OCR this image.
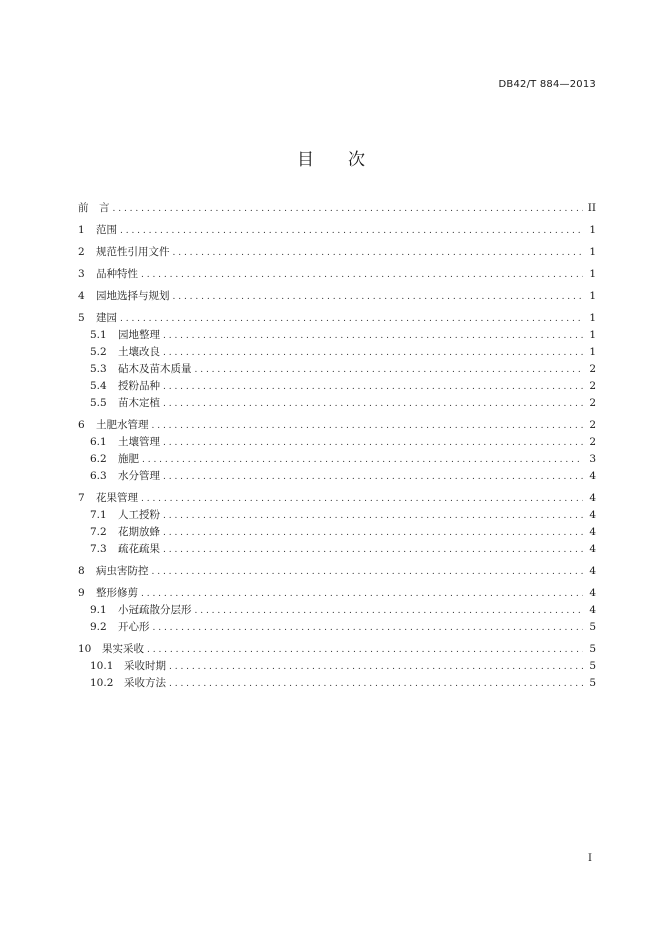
DB42/T 884—2013
目　　次
前　言 . . .	II
1	范围 . . .	1
2	规范性引用文件 . . .	1
3	品种特性 . . .	1
4	园地选择与规划 . . .	1
5	建园 . . .	1
5.1	园地整理 . . .	1
5.2	土壤改良 . . .	1
5.3	砧木及苗木质量 . . .	2
5.4	授粉品种 . . .	2
5.5	苗木定植 . . .	2
6	土肥水管理 . . .	2
6.1	土壤管理 . . .	2
6.2	施肥 . . .	3
6.3	水分管理 . . .	4
7	花果管理 . . .	4
7.1	人工授粉 . . .	4
7.2	花期放蜂 . . .	4
7.3	疏花疏果 . . .	4
8	病虫害防控 . . .	4
9	整形修剪 . . .	4
9.1	小冠疏散分层形 . . .	4
9.2	开心形 . . .	5
10	果实采收 . . .	5
10.1	采收时期 . . .	5
10.2	采收方法 . . .	5
I
